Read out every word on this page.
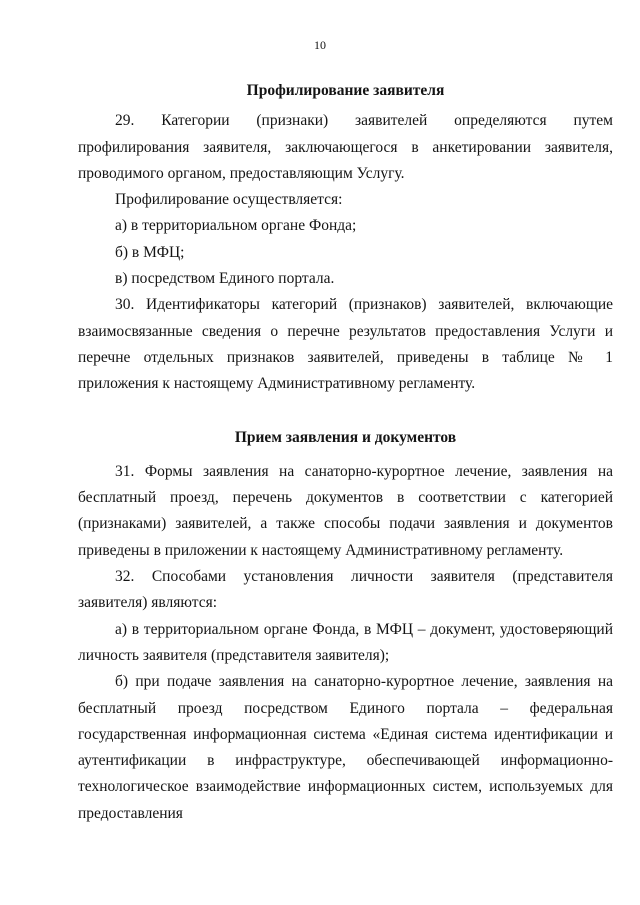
10
Профилирование заявителя

29. Категории (признаки) заявителей определяются путем профилирования заявителя, заключающегося в анкетировании заявителя, проводимого органом, предоставляющим Услугу.

Профилирование осуществляется:

а) в территориальном органе Фонда;
б) в МФЦ;
в) посредством Единого портала.

30. Идентификаторы категорий (признаков) заявителей, включающие взаимосвязанные сведения о перечне результатов предоставления Услуги и перечне отдельных признаков заявителей, приведены в таблице № 1 приложения к настоящему Административному регламенту.

Прием заявления и документов

31. Формы заявления на санаторно-курортное лечение, заявления на бесплатный проезд, перечень документов в соответствии с категорией (признаками) заявителей, а также способы подачи заявления и документов приведены в приложении к настоящему Административному регламенту.

32. Способами установления личности заявителя (представителя заявителя) являются:

а) в территориальном органе Фонда, в МФЦ – документ, удостоверяющий личность заявителя (представителя заявителя);

б) при подаче заявления на санаторно-курортное лечение, заявления на бесплатный проезд посредством Единого портала – федеральная государственная информационная система «Единая система идентификации и аутентификации в инфраструктуре, обеспечивающей информационно-технологическое взаимодействие информационных систем, используемых для предоставления
